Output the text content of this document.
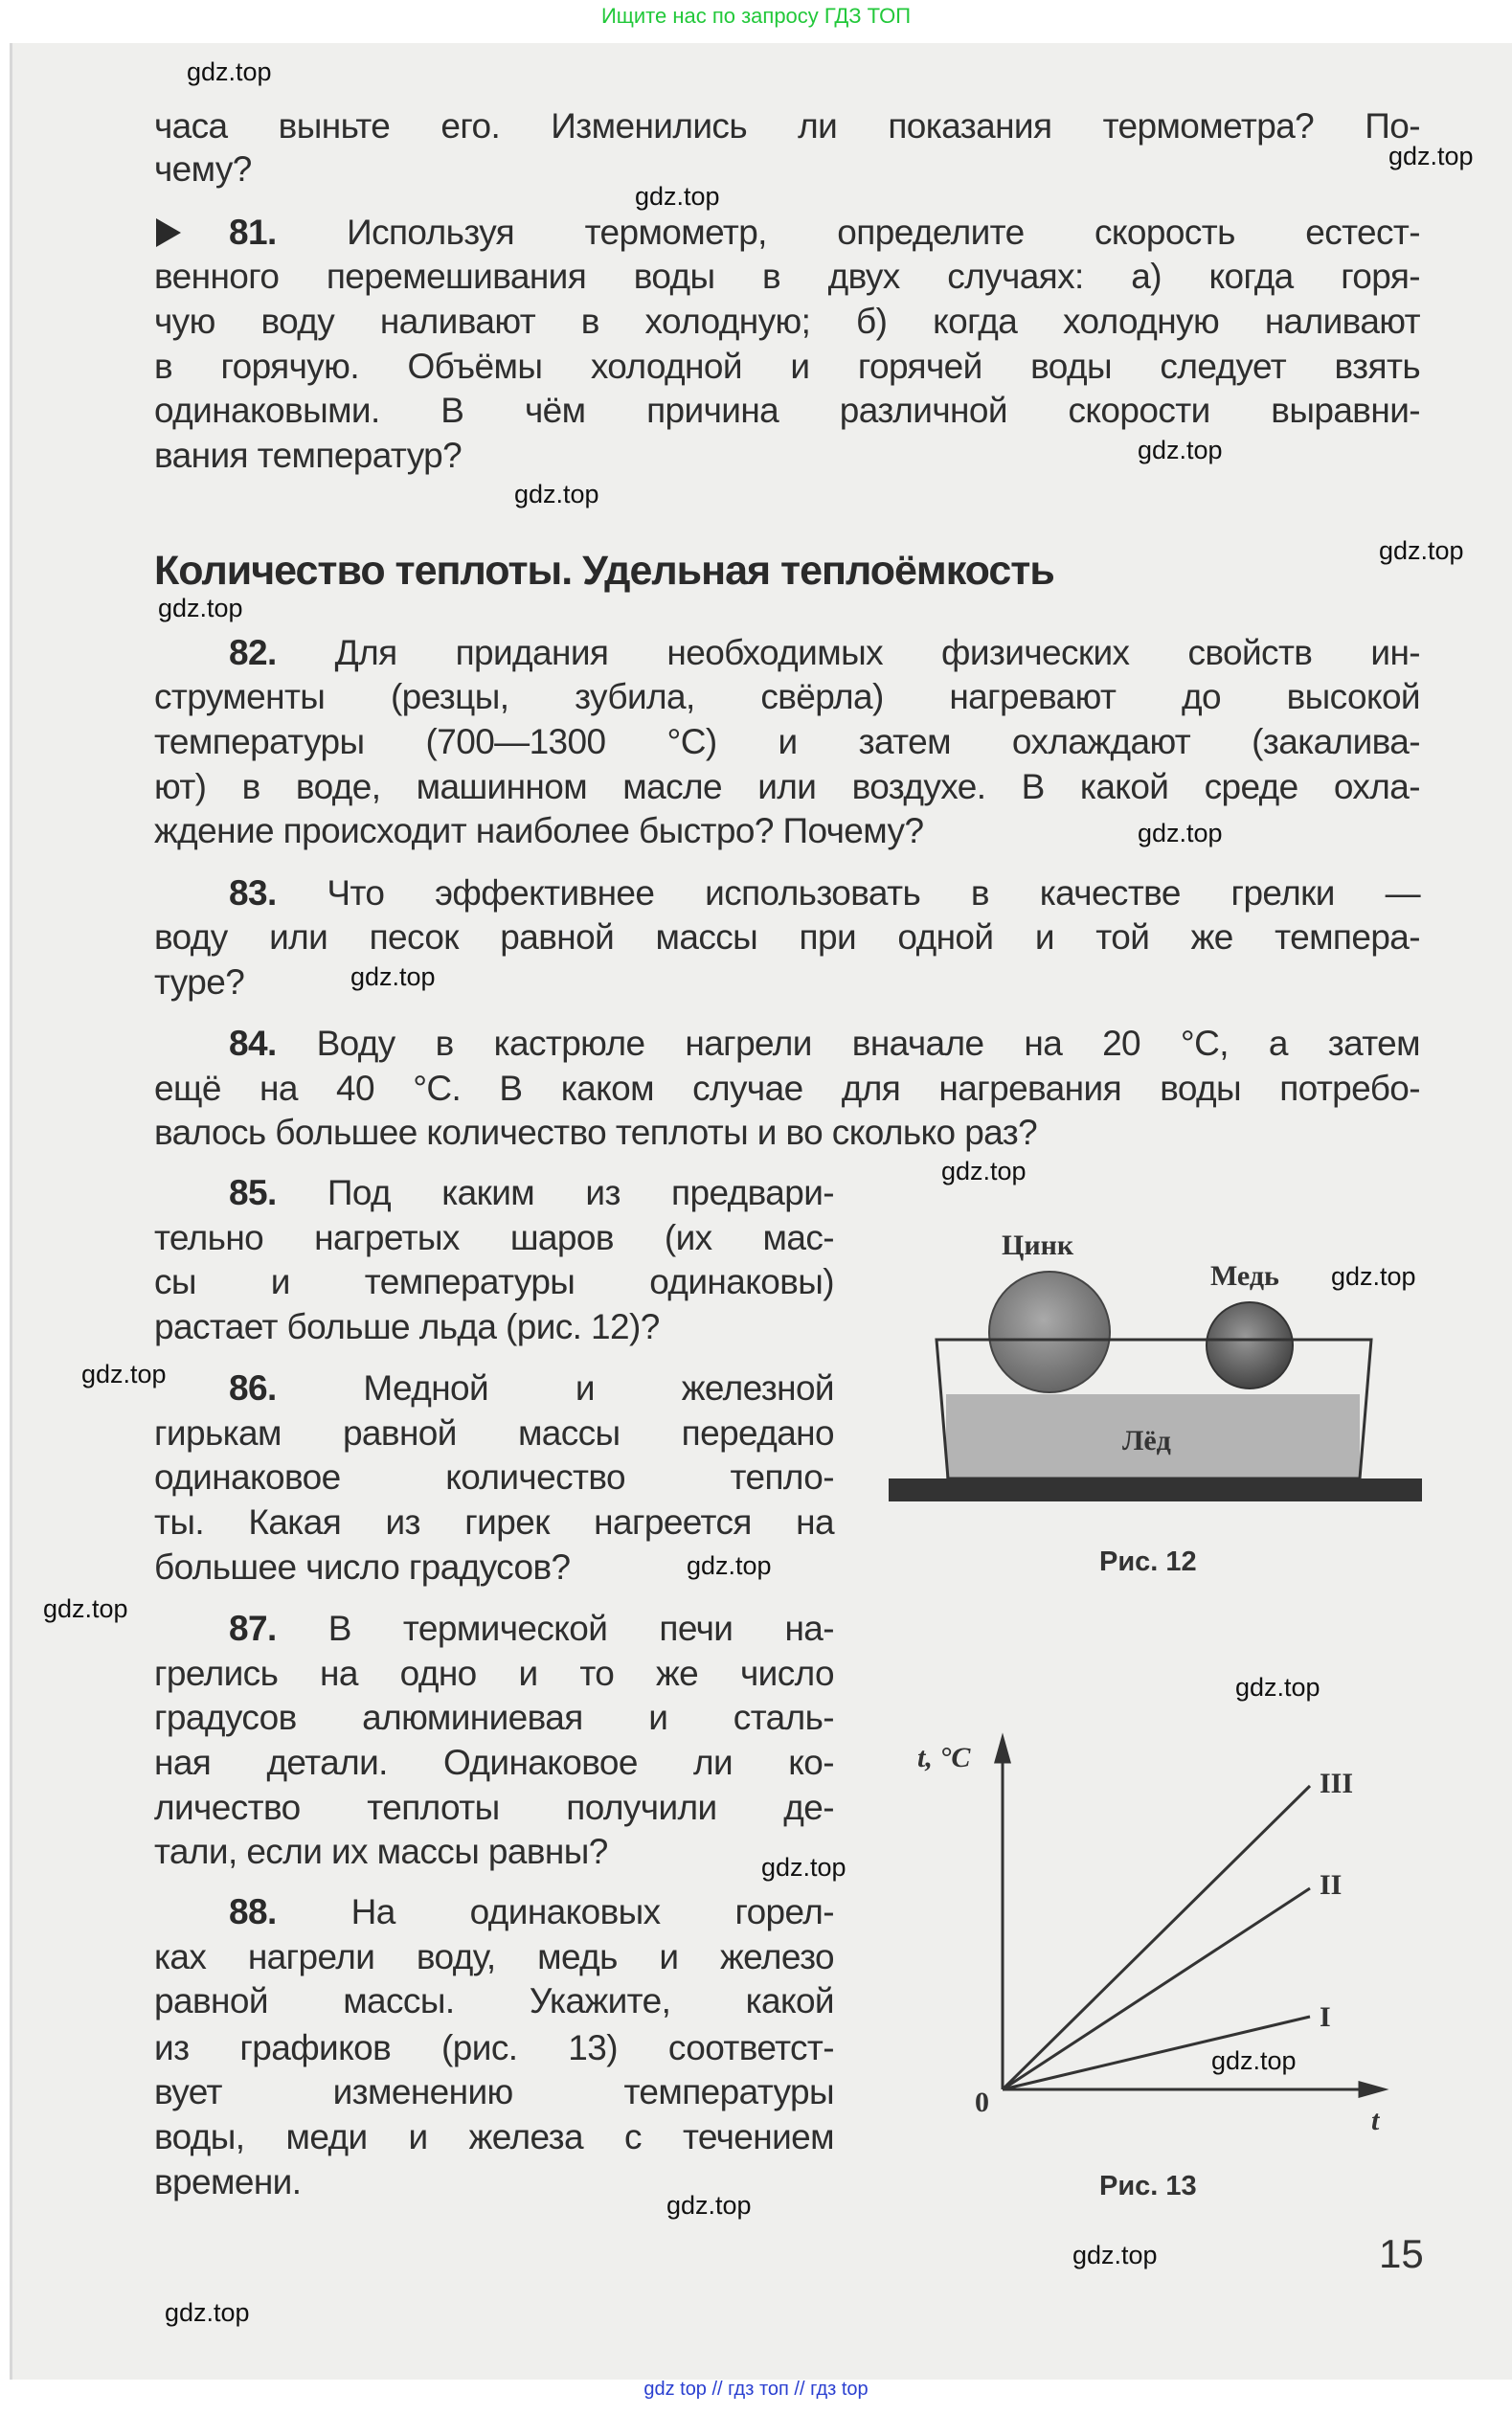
Ищите нас по запросу ГДЗ ТОП
часа выньте его. Изменились ли показания термометра? По-
чему?
Количество теплоты. Удельная теплоёмкость
81. Используя термометр, определите скорость естест-
венного перемешивания воды в двух случаях: а) когда горя-
чую воду наливают в холодную; б) когда холодную наливают
в горячую. Объёмы холодной и горячей воды следует взять
одинаковыми. В чём причина различной скорости выравни-
вания температур?
82. Для придания необходимых физических свойств ин-
струменты (резцы, зубила, свёрла) нагревают до высокой
температуры (700—1300 °С) и затем охлаждают (закалива-
ют) в воде, машинном масле или воздухе. В какой среде охла-
ждение происходит наиболее быстро? Почему?
83. Что эффективнее использовать в качестве грелки —
воду или песок равной массы при одной и той же темпера-
туре?
84. Воду в кастрюле нагрели вначале на 20 °С, а затем
ещё на 40 °С. В каком случае для нагревания воды потребо-
валось большее количество теплоты и во сколько раз?
85. Под каким из предвари-
тельно нагретых шаров (их мас-
сы и температуры одинаковы)
растает больше льда (рис. 12)?
86. Медной и железной
гирькам равной массы передано
одинаковое количество тепло-
ты. Какая из гирек нагреется на
большее число градусов?
87. В термической печи на-
грелись на одно и то же число
градусов алюминиевая и сталь-
ная детали. Одинаковое ли ко-
личество теплоты получили де-
тали, если их массы равны?
88. На одинаковых горел-
ках нагрели воду, медь и железо
равной массы. Укажите, какой
из графиков (рис. 13) соответст-
вует изменению температуры
воды, меди и железа с течением
времени.
Цинк
Медь
Лёд
Рис. 12
t, °C
III
II
I
0
t
Рис. 13
15
gdz top // гдз топ // гдз top
gdz.top
gdz.top
gdz.top
gdz.top
gdz.top
gdz.top
gdz.top
gdz.top
gdz.top
gdz.top
gdz.top
gdz.top
gdz.top
gdz.top
gdz.top
gdz.top
gdz.top
gdz.top
gdz.top
gdz.top
